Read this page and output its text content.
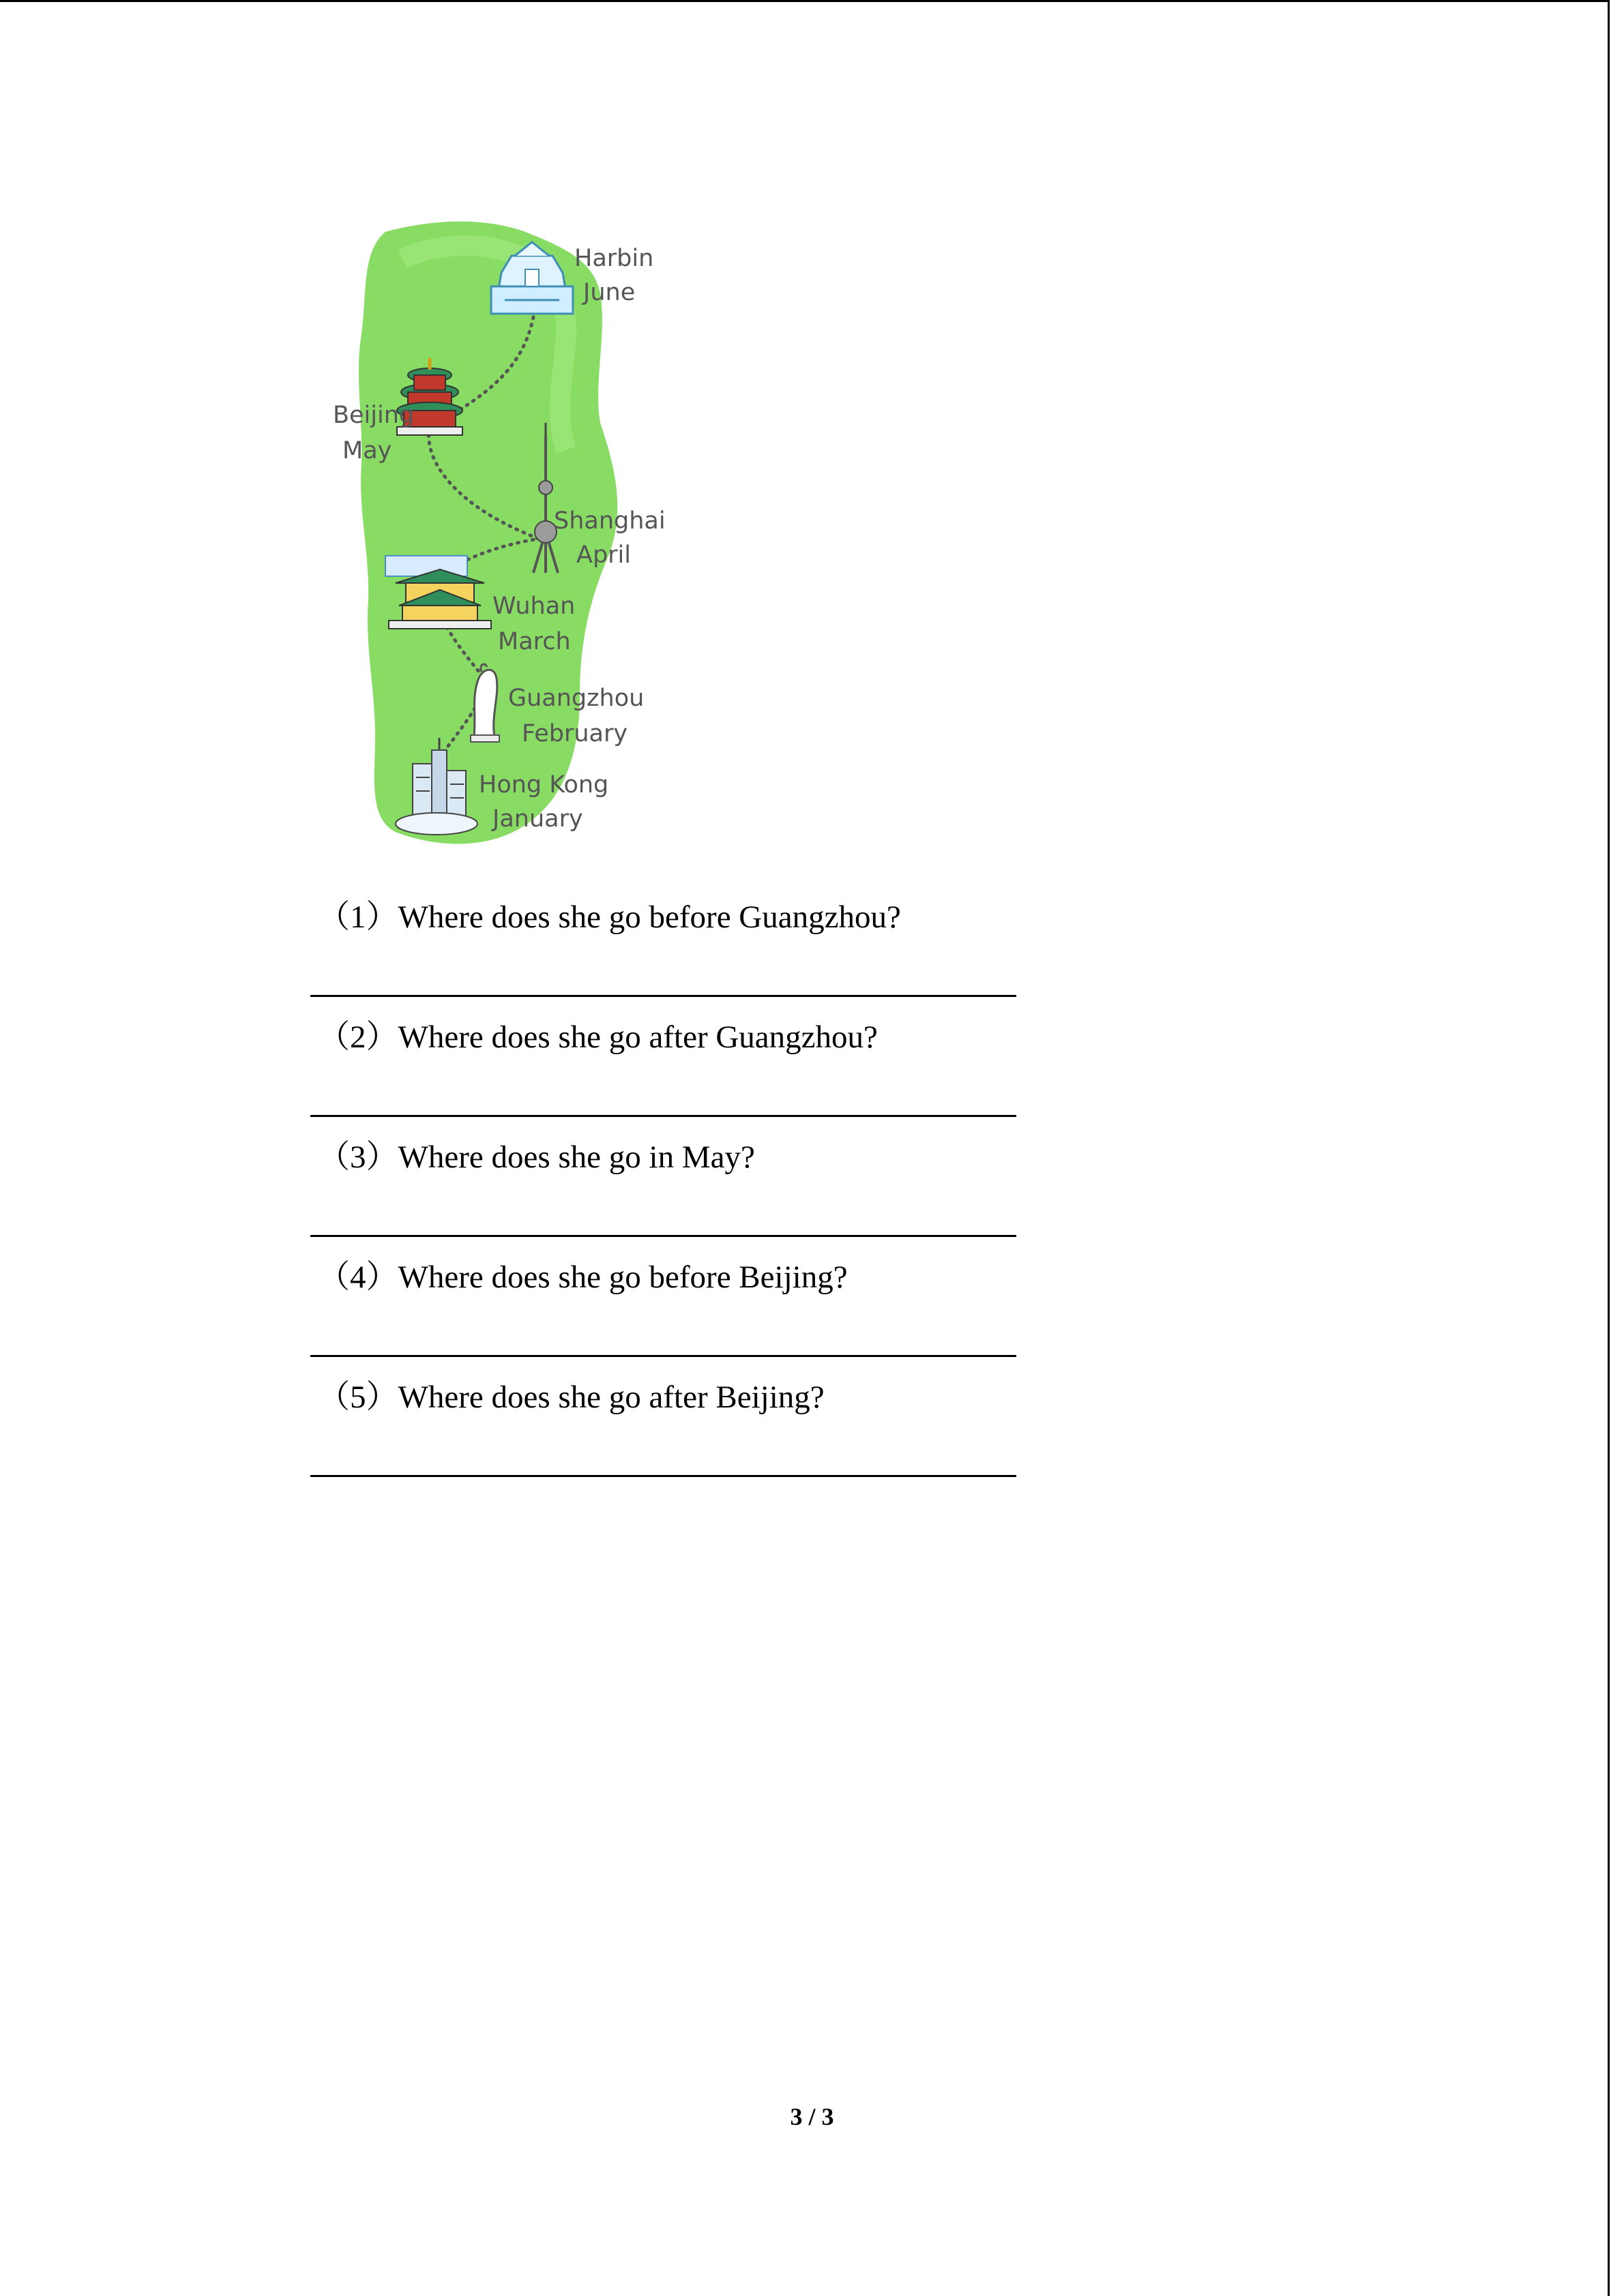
Harbin
June
Beijing
May
Shanghai
April
Wuhan
March
Guangzhou
February
Hong Kong
January
（1）Where does she go before Guangzhou?
（2）Where does she go after Guangzhou?
（3）Where does she go in May?
（4）Where does she go before Beijing?
（5）Where does she go after Beijing?
3 / 3
